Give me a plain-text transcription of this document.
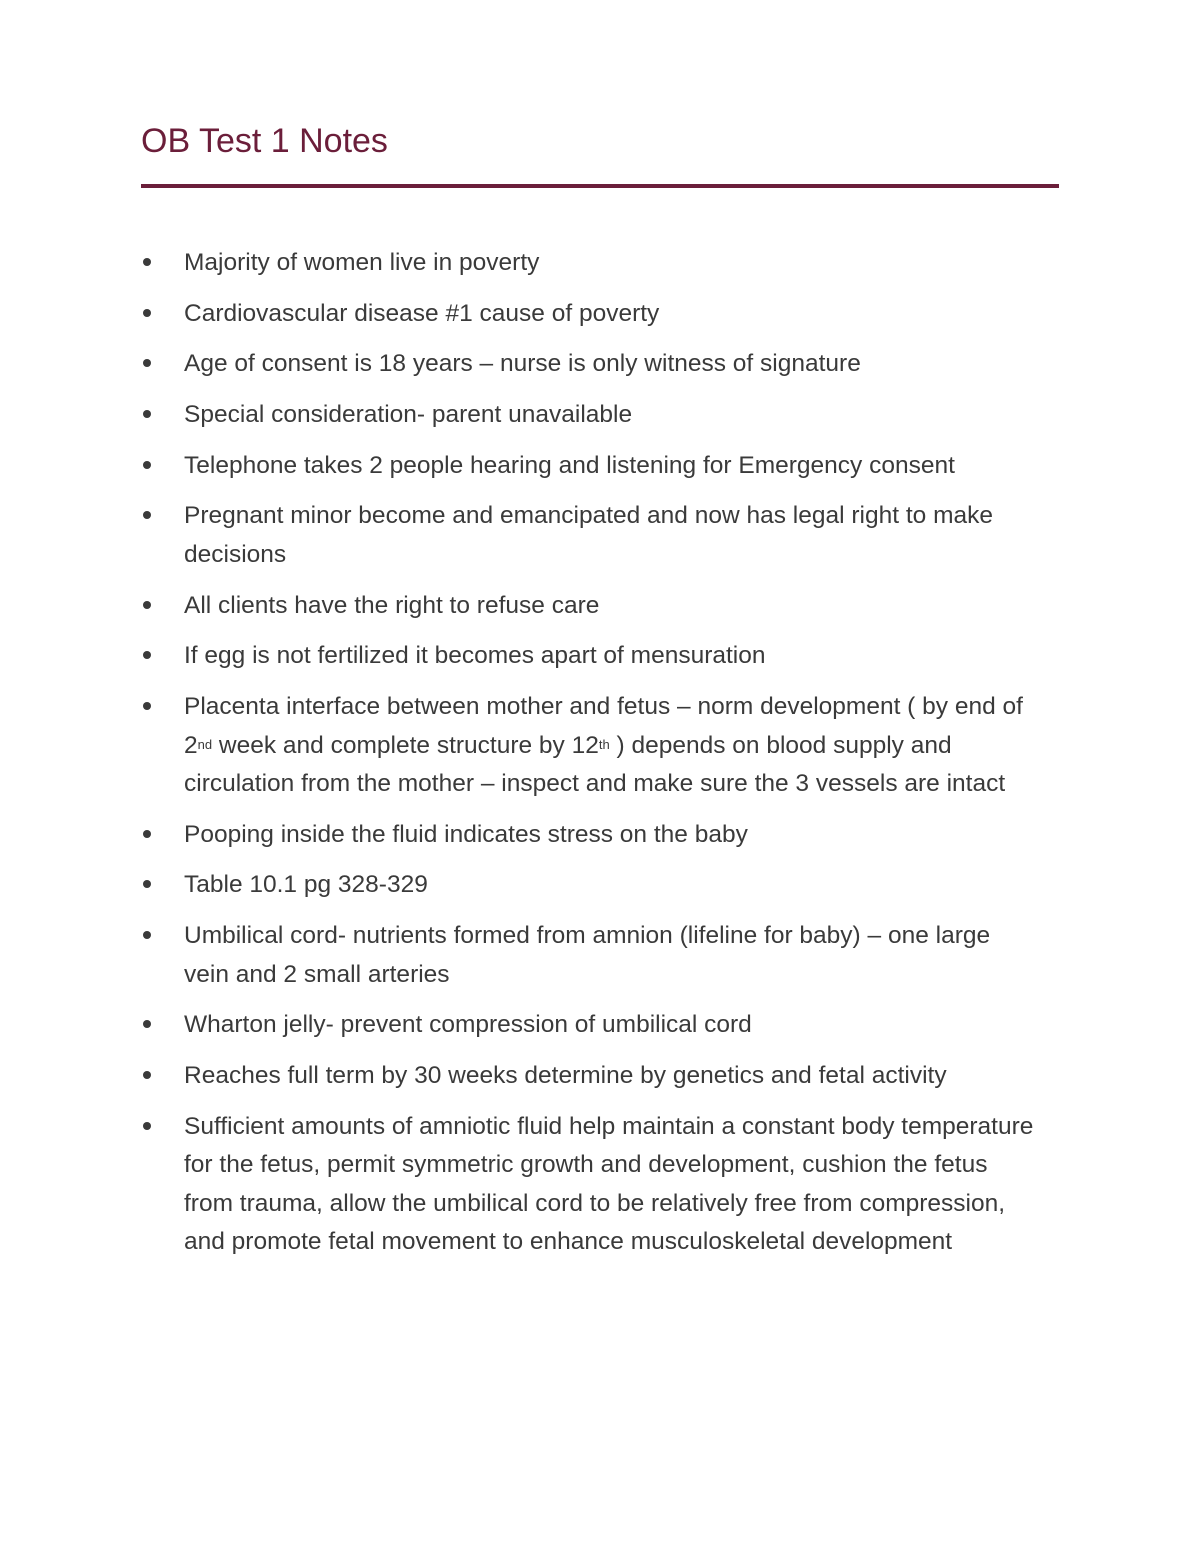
OB Test 1 Notes
Majority of women live in poverty
Cardiovascular disease #1 cause of poverty
Age of consent is 18 years – nurse is only witness of signature
Special consideration- parent unavailable
Telephone takes 2 people hearing and listening for Emergency consent
Pregnant minor become and emancipated and now has legal right to make decisions
All clients have the right to refuse care
If egg is not fertilized it becomes apart of mensuration
Placenta interface between mother and fetus – norm development ( by end of 2nd week and complete structure by 12th ) depends on blood supply and circulation from the mother – inspect and make sure the 3 vessels are intact
Pooping inside the fluid indicates stress on the baby
Table 10.1 pg 328-329
Umbilical cord- nutrients formed from amnion (lifeline for baby) – one large vein and 2 small arteries
Wharton jelly- prevent compression of umbilical cord
Reaches full term by 30 weeks determine by genetics and fetal activity
Sufficient amounts of amniotic fluid help maintain a constant body temperature for the fetus, permit symmetric growth and development, cushion the fetus from trauma, allow the umbilical cord to be relatively free from compression, and promote fetal movement to enhance musculoskeletal development
